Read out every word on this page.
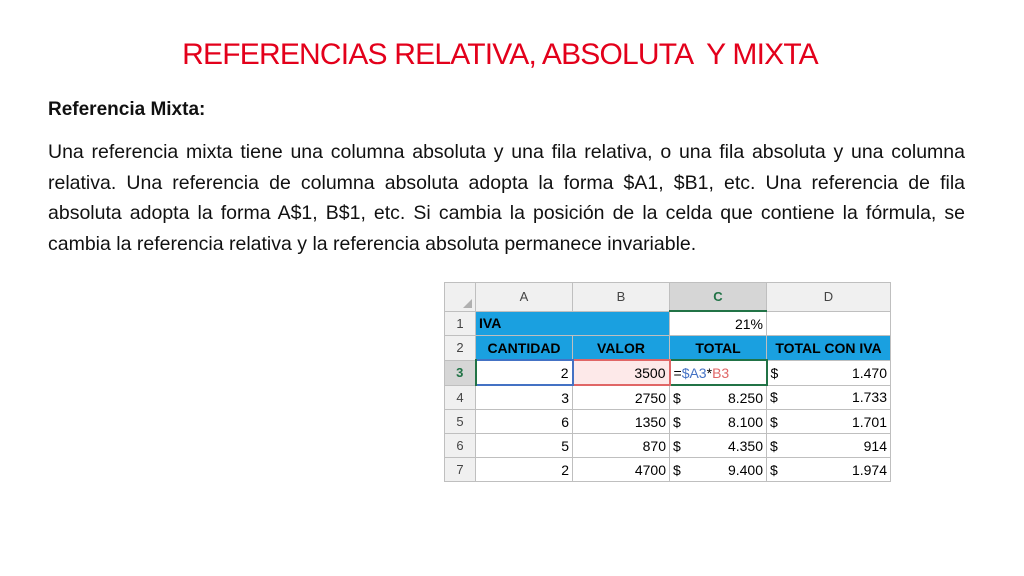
REFERENCIAS RELATIVA, ABSOLUTA  Y MIXTA
Referencia Mixta:

Una referencia mixta tiene una columna absoluta y una fila relativa, o una fila absoluta y una columna relativa. Una referencia de columna absoluta adopta la forma $A1, $B1, etc. Una referencia de fila absoluta adopta la forma A$1, B$1, etc. Si cambia la posición de la celda que contiene la fórmula, se cambia la referencia relativa y la referencia absoluta permanece invariable.

	A	B	C	D
1	IVA		21%	
2	CANTIDAD	VALOR	TOTAL	TOTAL CON IVA
3	2	3500	=$A3*B3	$ 1.470

4	3	2750	$ 8.250	$ 1.733

5	6	1350	$ 8.100	$ 1.701

6	5	870	$ 4.350	$ 914

7	2	4700	$ 9.400	$ 1.974
